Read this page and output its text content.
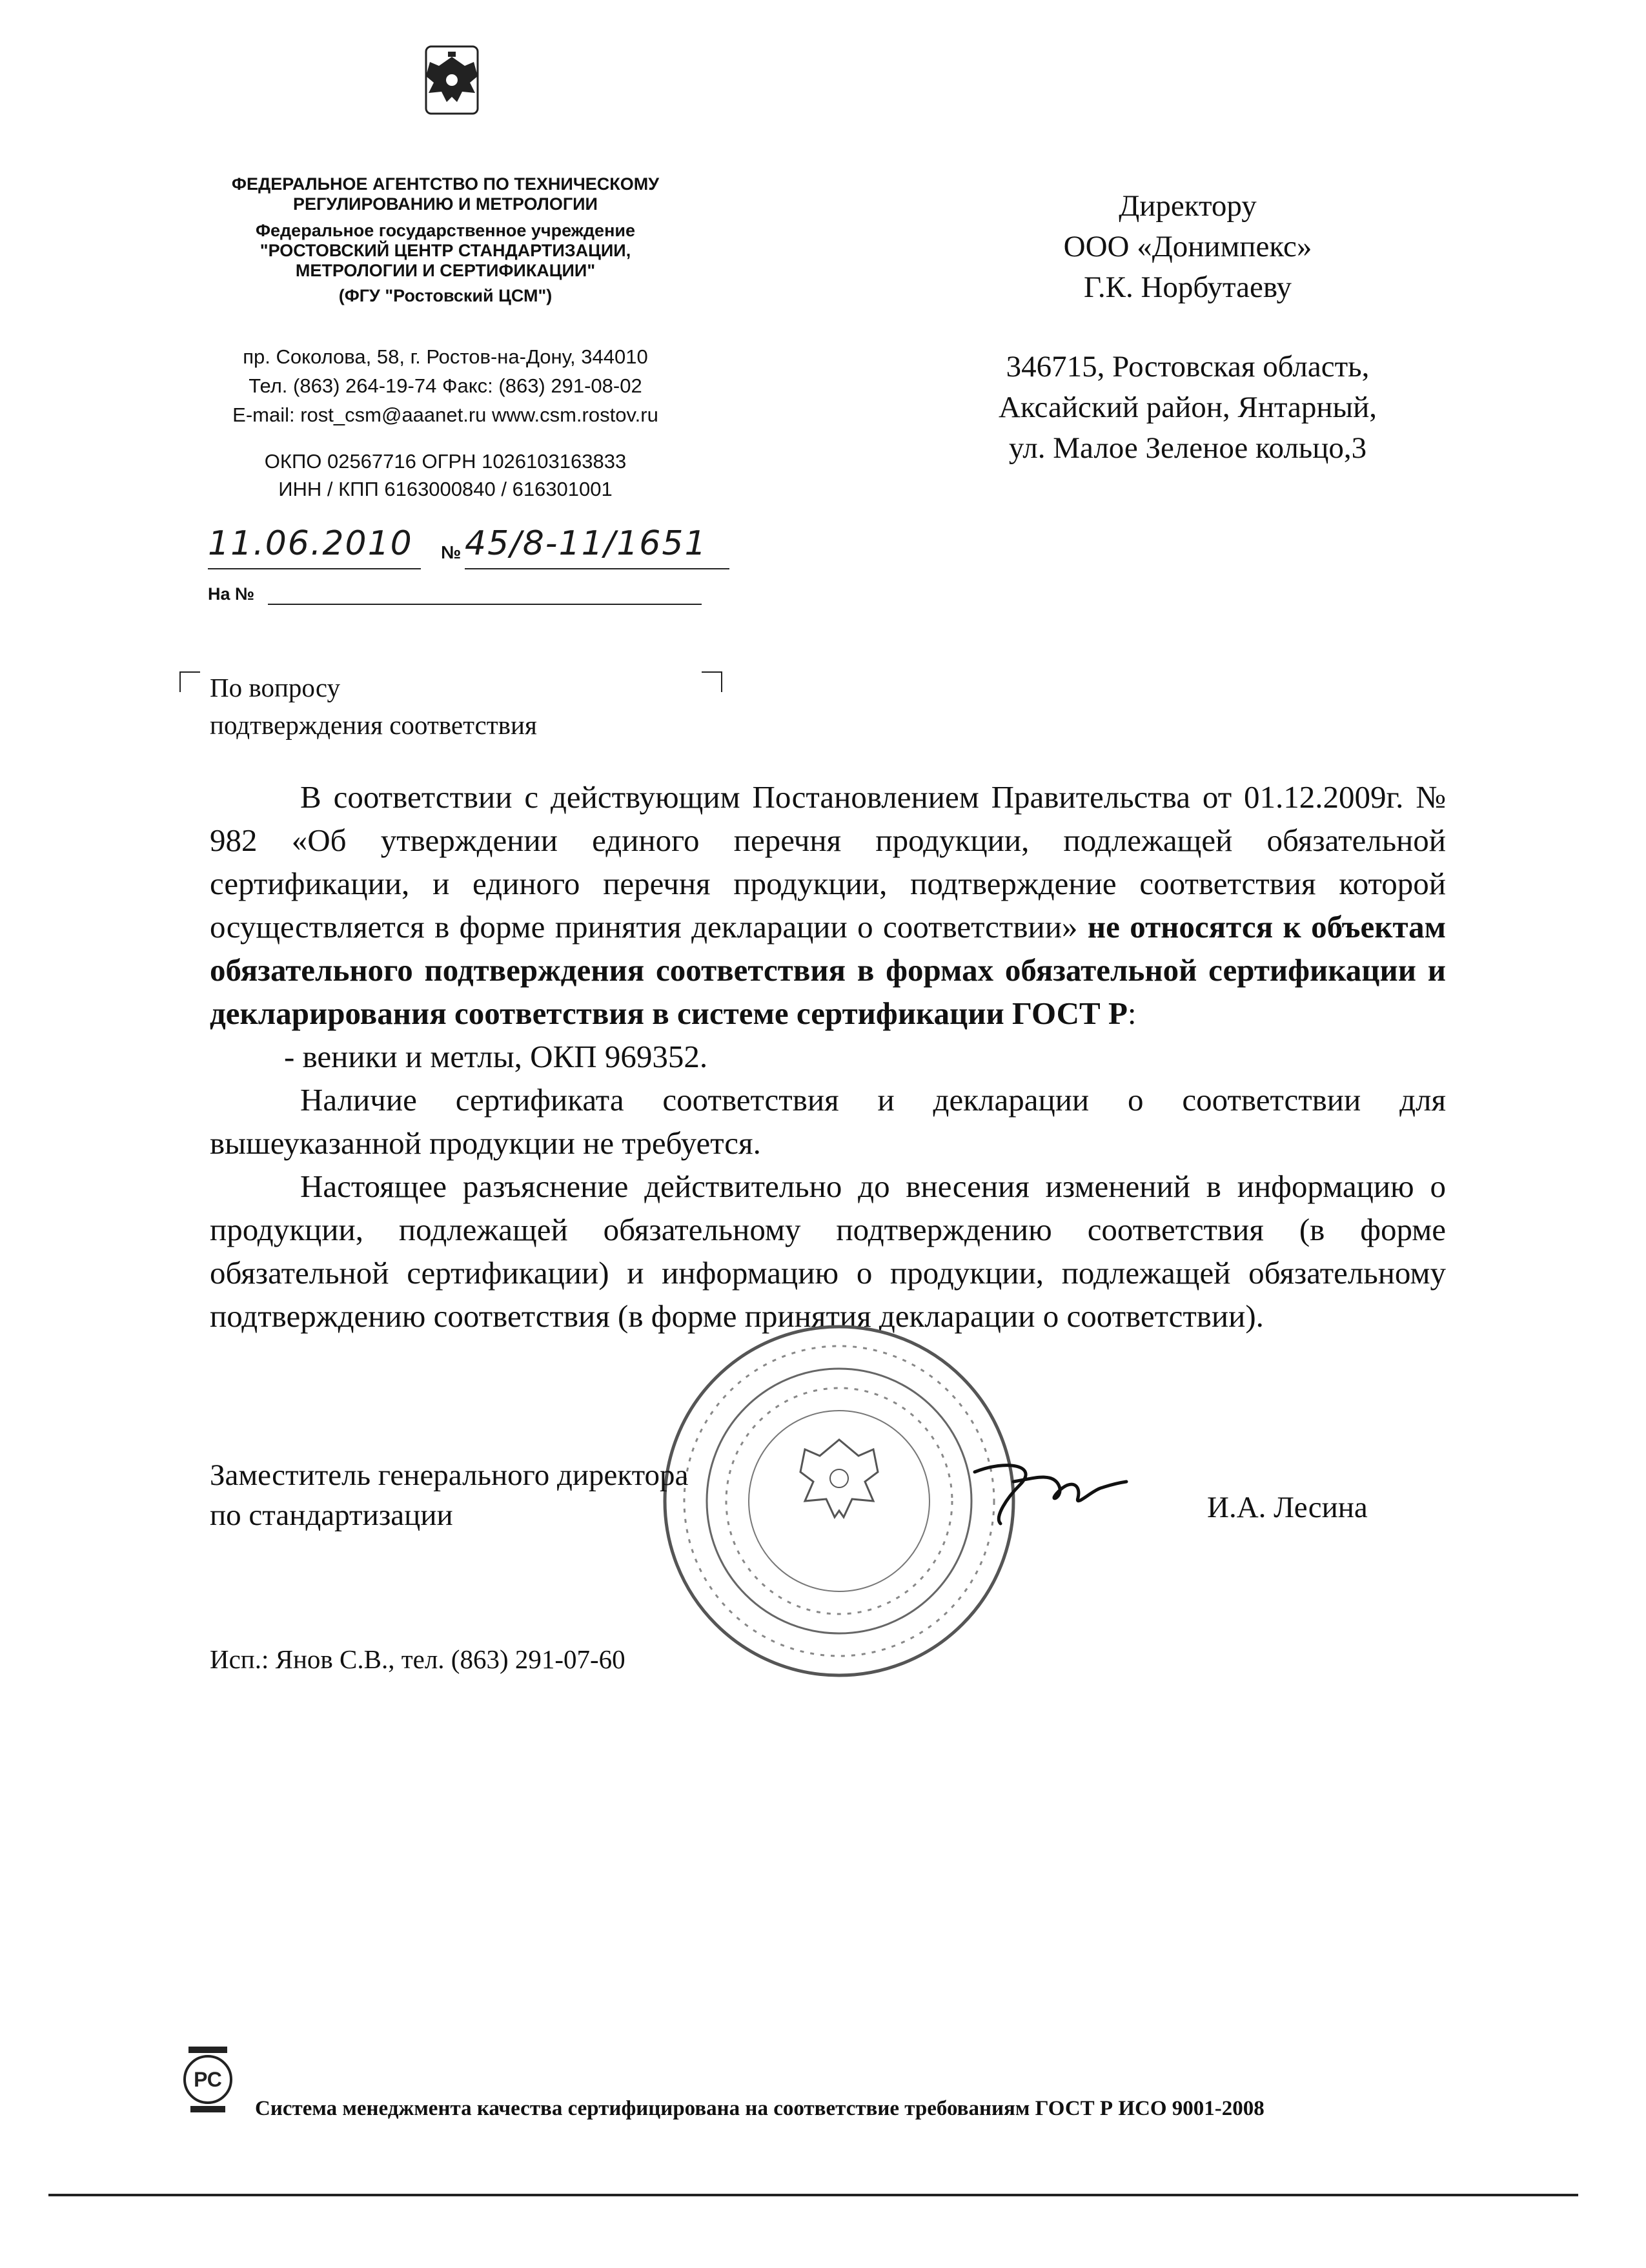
ФЕДЕРАЛЬНОЕ АГЕНТСТВО ПО ТЕХНИЧЕСКОМУ
РЕГУЛИРОВАНИЮ И МЕТРОЛОГИИ
Федеральное государственное учреждение
"РОСТОВСКИЙ ЦЕНТР СТАНДАРТИЗАЦИИ,
МЕТРОЛОГИИ И СЕРТИФИКАЦИИ"
(ФГУ "Ростовский ЦСМ")
пр. Соколова, 58, г. Ростов-на-Дону, 344010
Тел. (863) 264-19-74 Факс: (863) 291-08-02
E-mail: rost_csm@aaanet.ru www.csm.rostov.ru
ОКПО 02567716 ОГРН 1026103163833
ИНН / КПП 6163000840 / 616301001
11.06.2010 № 45/8-11/1651
На №
Директору
ООО «Донимпекс»
Г.К. Норбутаеву
346715, Ростовская область,
Аксайский район, Янтарный,
ул. Малое Зеленое кольцо,3
По вопросу
подтверждения соответствия

В соответствии с действующим Постановлением Правительства от 01.12.2009г. № 982 «Об утверждении единого перечня продукции, подлежащей обязательной сертификации, и единого перечня продукции, подтверждение соответствия которой осуществляется в форме принятия декларации о соответствии» не относятся к объектам обязательного подтверждения соответствия в формах обязательной сертификации и декларирования соответствия в системе сертификации ГОСТ Р:

- веники и метлы, ОКП 969352.

Наличие сертификата соответствия и декларации о соответствии для вышеуказанной продукции не требуется.

Настоящее разъяснение действительно до внесения изменений в информацию о продукции, подлежащей обязательному подтверждению соответствия (в форме обязательной сертификации) и информацию о продукции, подлежащей обязательному подтверждению соответствия (в форме принятия декларации о соответствии).

Заместитель генерального директора
по стандартизации	И.А. Лесина
Исп.: Янов С.В., тел. (863) 291-07-60
РС
Система менеджмента качества сертифицирована на соответствие требованиям ГОСТ Р ИСО 9001-2008
